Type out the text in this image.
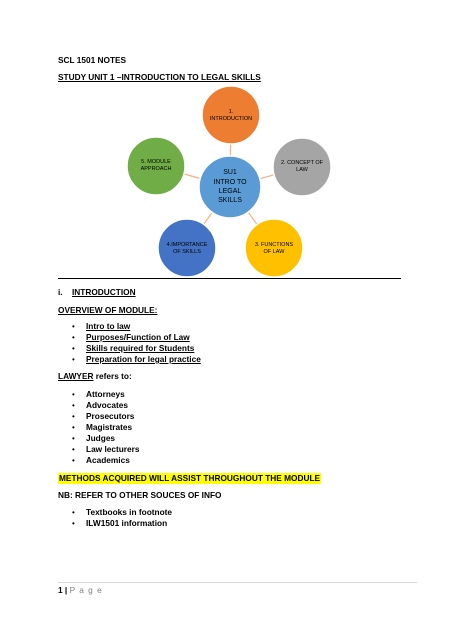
SCL 1501 NOTES
STUDY UNIT 1 –INTRODUCTION TO LEGAL SKILLS
1.
INTRODUCTION
2. CONCEPT OF
LAW
3. FUNCTIONS
OF LAW
4.IMPORTANCE
OF SKILLS
5. MODULE
APPROACH	SU1
INTRO TO
LEGAL
SKILLS
i. INTRODUCTION
OVERVIEW OF MODULE:
• Intro to law
• Purposes/Function of Law
• Skills required for Students
• Preparation for legal practice
LAWYER refers to:
• Attorneys
• Advocates
• Prosecutors
• Magistrates
• Judges
• Law lecturers
• Academics
METHODS ACQUIRED WILL ASSIST THROUGHOUT THE MODULE
NB: REFER TO OTHER SOUCES OF INFO
• Textbooks in footnote
• ILW1501 information
1 | P a g e
